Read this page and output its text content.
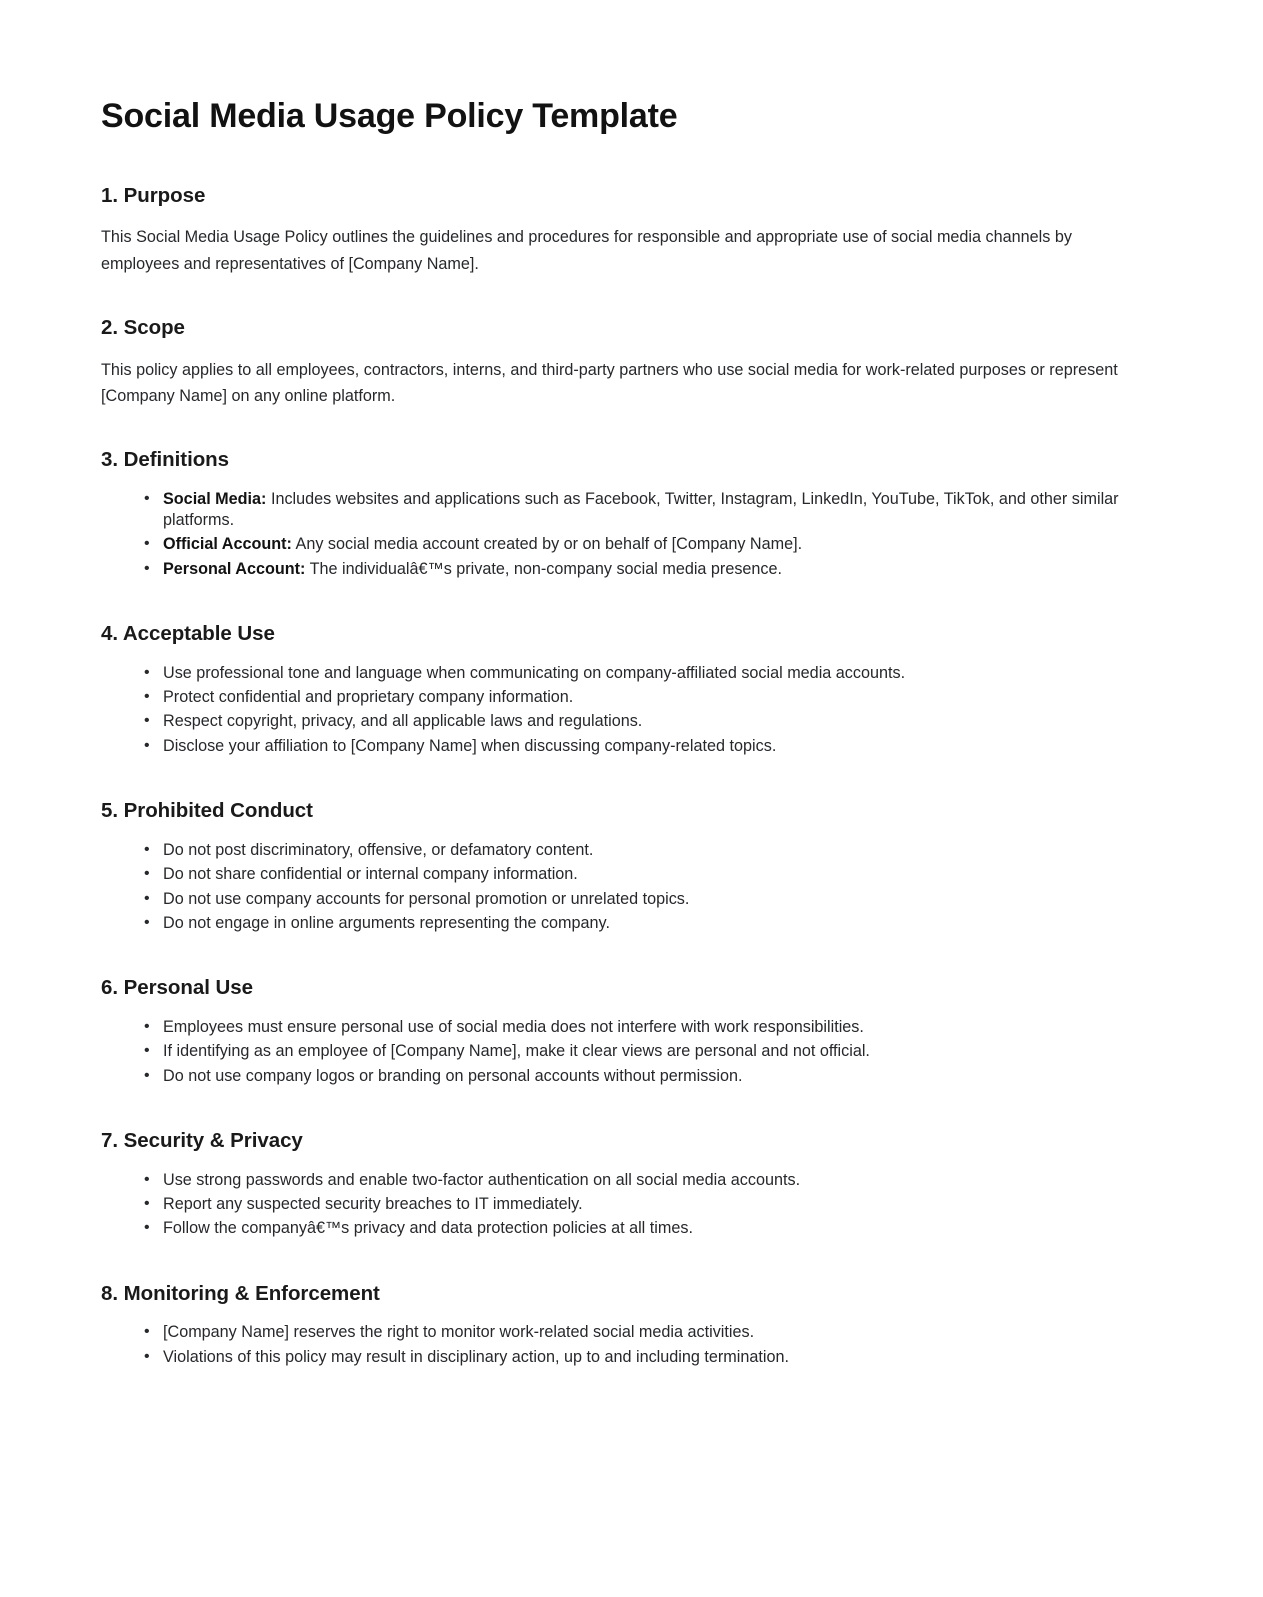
Social Media Usage Policy Template
1. Purpose

This Social Media Usage Policy outlines the guidelines and procedures for responsible and appropriate use of social media channels by employees and representatives of [Company Name].

2. Scope

This policy applies to all employees, contractors, interns, and third-party partners who use social media for work-related purposes or represent [Company Name] on any online platform.

3. Definitions
• Social Media: Includes websites and applications such as Facebook, Twitter, Instagram, LinkedIn, YouTube, TikTok, and other similar platforms.
• Official Account: Any social media account created by or on behalf of [Company Name].
• Personal Account: The individualâ€™s private, non-company social media presence.
4. Acceptable Use
• Use professional tone and language when communicating on company-affiliated social media accounts.
• Protect confidential and proprietary company information.
• Respect copyright, privacy, and all applicable laws and regulations.
• Disclose your affiliation to [Company Name] when discussing company-related topics.
5. Prohibited Conduct
• Do not post discriminatory, offensive, or defamatory content.
• Do not share confidential or internal company information.
• Do not use company accounts for personal promotion or unrelated topics.
• Do not engage in online arguments representing the company.
6. Personal Use
• Employees must ensure personal use of social media does not interfere with work responsibilities.
• If identifying as an employee of [Company Name], make it clear views are personal and not official.
• Do not use company logos or branding on personal accounts without permission.
7. Security & Privacy
• Use strong passwords and enable two-factor authentication on all social media accounts.
• Report any suspected security breaches to IT immediately.
• Follow the companyâ€™s privacy and data protection policies at all times.
8. Monitoring & Enforcement
• [Company Name] reserves the right to monitor work-related social media activities.
• Violations of this policy may result in disciplinary action, up to and including termination.
